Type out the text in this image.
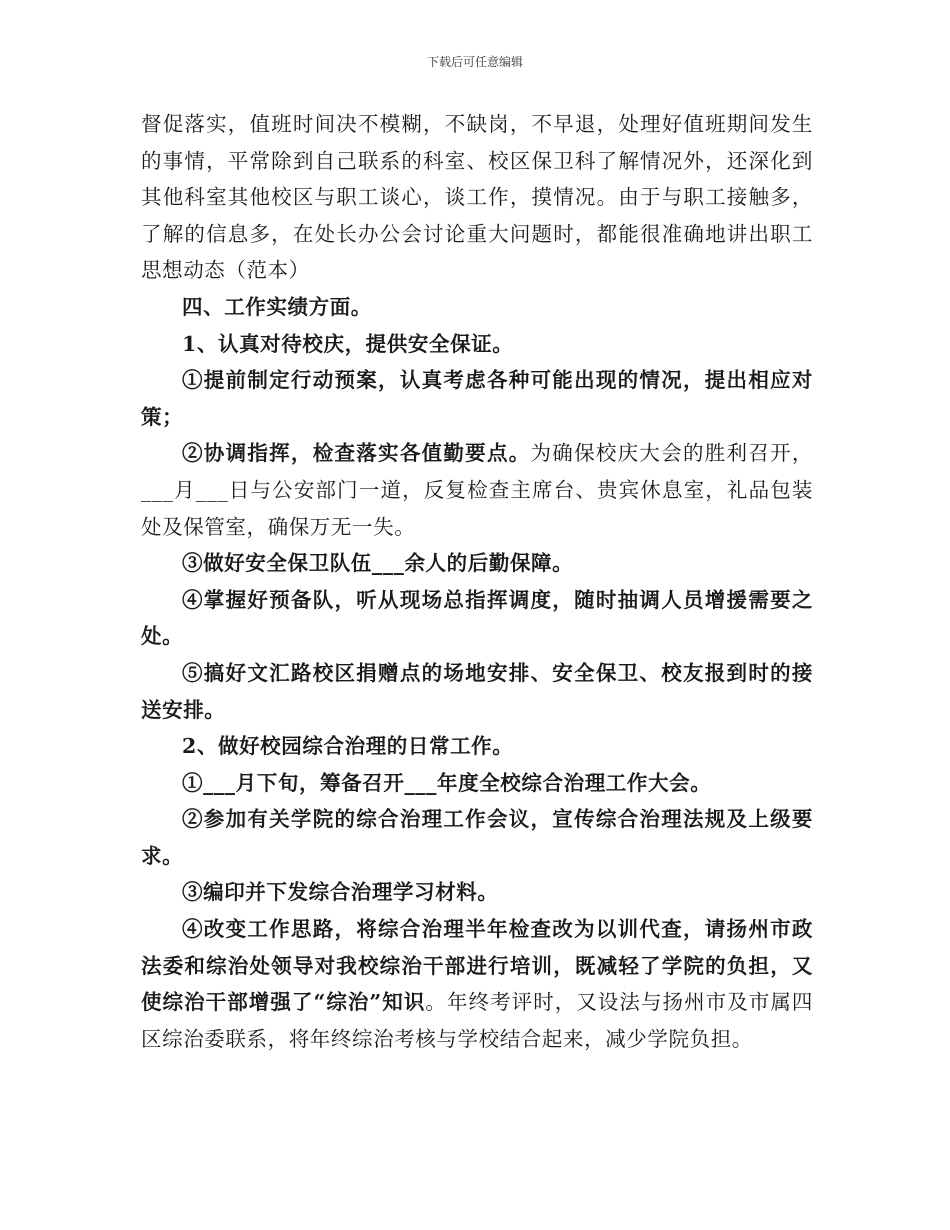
下载后可任意编辑

督促落实，值班时间决不模糊，不缺岗，不早退，处理好值班期间发生的事情，平常除到自己联系的科室、校区保卫科了解情况外，还深化到其他科室其他校区与职工谈心，谈工作，摸情况。由于与职工接触多，了解的信息多，在处长办公会讨论重大问题时，都能很准确地讲出职工思想动态（范本）

四、工作实绩方面。

1、认真对待校庆，提供安全保证。

①提前制定行动预案，认真考虑各种可能出现的情况，提出相应对策；

②协调指挥，检查落实各值勤要点。为确保校庆大会的胜利召开，___月___日与公安部门一道，反复检查主席台、贵宾休息室，礼品包装处及保管室，确保万无一失。

③做好安全保卫队伍___余人的后勤保障。

④掌握好预备队，听从现场总指挥调度，随时抽调人员增援需要之处。

⑤搞好文汇路校区捐赠点的场地安排、安全保卫、校友报到时的接送安排。

2、做好校园综合治理的日常工作。

①___月下旬，筹备召开___年度全校综合治理工作大会。

②参加有关学院的综合治理工作会议，宣传综合治理法规及上级要求。

③编印并下发综合治理学习材料。

④改变工作思路，将综合治理半年检查改为以训代查，请扬州市政法委和综治处领导对我校综治干部进行培训，既减轻了学院的负担，又使综治干部增强了“综治”知识。年终考评时，又设法与扬州市及市属四区综治委联系，将年终综治考核与学校结合起来，减少学院负担。
